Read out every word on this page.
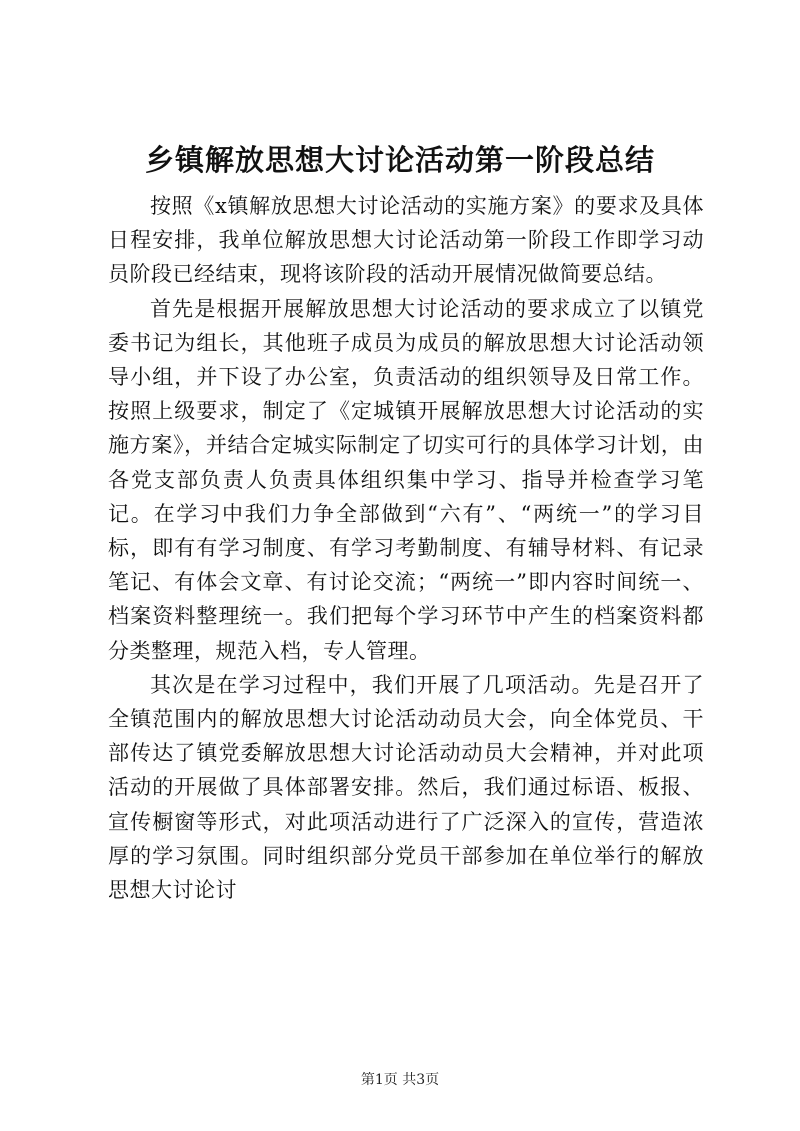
乡镇解放思想大讨论活动第一阶段总结

按照《x镇解放思想大讨论活动的实施方案》的要求及具体日程安排，我单位解放思想大讨论活动第一阶段工作即学习动员阶段已经结束，现将该阶段的活动开展情况做简要总结。

首先是根据开展解放思想大讨论活动的要求成立了以镇党委书记为组长，其他班子成员为成员的解放思想大讨论活动领导小组，并下设了办公室，负责活动的组织领导及日常工作。按照上级要求，制定了《定城镇开展解放思想大讨论活动的实施方案》，并结合定城实际制定了切实可行的具体学习计划，由各党支部负责人负责具体组织集中学习、指导并检查学习笔记。在学习中我们力争全部做到“六有”、“两统一”的学习目标，即有有学习制度、有学习考勤制度、有辅导材料、有记录笔记、有体会文章、有讨论交流；“两统一”即内容时间统一、档案资料整理统一。我们把每个学习环节中产生的档案资料都分类整理，规范入档，专人管理。

其次是在学习过程中，我们开展了几项活动。先是召开了全镇范围内的解放思想大讨论活动动员大会，向全体党员、干部传达了镇党委解放思想大讨论活动动员大会精神，并对此项活动的开展做了具体部署安排。然后，我们通过标语、板报、宣传橱窗等形式，对此项活动进行了广泛深入的宣传，营造浓厚的学习氛围。同时组织部分党员干部参加在单位举行的解放思想大讨论讨

第1页 共3页
